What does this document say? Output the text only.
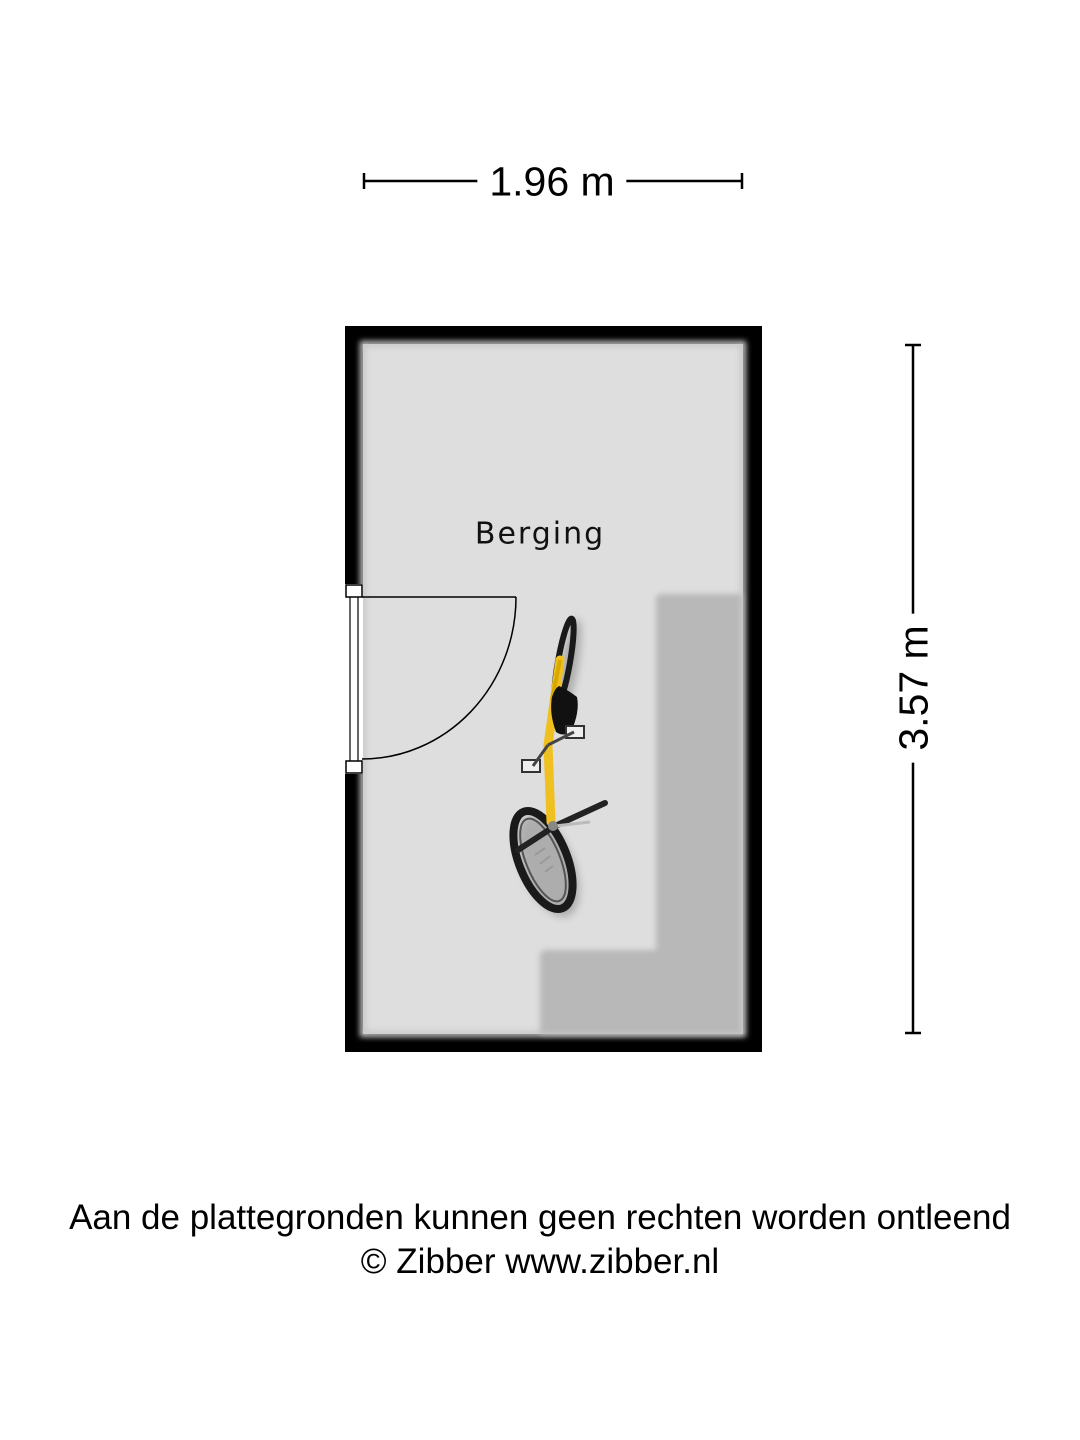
1.96 m
3.57 m
Berging
Aan de plattegronden kunnen geen rechten worden ontleend
© Zibber www.zibber.nl
